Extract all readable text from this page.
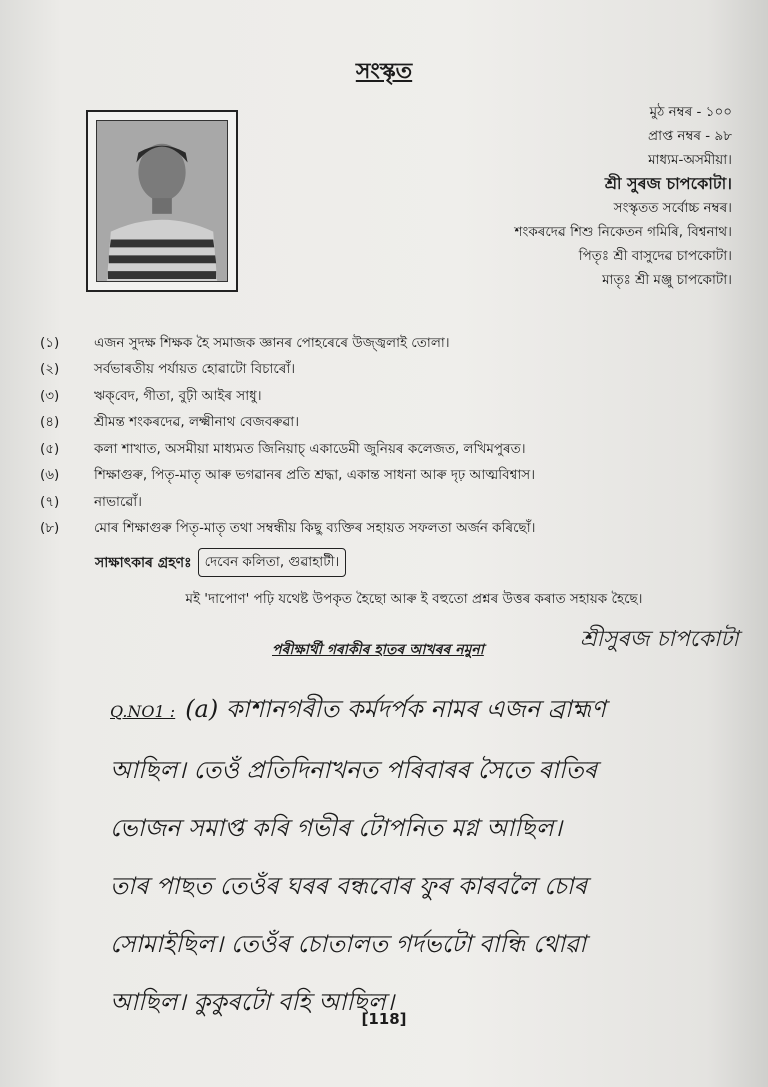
সংস্কৃত
মুঠ নম্বৰ - ১০০
প্ৰাপ্ত নম্বৰ - ৯৮
মাধ্যম-অসমীয়া।
শ্ৰী সুৰজ চাপকোটা।
সংস্কৃতত সৰ্বোচ্চ নম্বৰ।
শংকৰদেৱ শিশু নিকেতন গমিৰি, বিশ্বনাথ।
পিতৃঃ শ্ৰী বাসুদেৱ চাপকোটা।
মাতৃঃ শ্ৰী মঞ্জু চাপকোটা।
(১)	এজন সুদক্ষ শিক্ষক হৈ সমাজক জ্ঞানৰ পোহৰেৰে উজ্জ্বলাই তোলা।
(২)	সৰ্বভাৰতীয় পৰ্যায়ত হোৱাটো বিচাৰোঁ।
(৩)	ঋক্‌বেদ, গীতা, বুঢ়ী আইৰ সাধু।
(৪)	শ্ৰীমন্ত শংকৰদেৱ, লক্ষ্মীনাথ বেজবৰুৱা।
(৫)	কলা শাখাত, অসমীয়া মাধ্যমত জিনিয়াচ্ একাডেমী জুনিয়ৰ কলেজত, লখিমপুৰত।
(৬)	শিক্ষাগুৰু, পিতৃ-মাতৃ আৰু ভগৱানৰ প্ৰতি শ্ৰদ্ধা, একান্ত সাধনা আৰু দৃঢ় আত্মবিশ্বাস।
(৭)	নাভাৱোঁ।
(৮)	মোৰ শিক্ষাগুৰু পিতৃ-মাতৃ তথা সম্বন্ধীয় কিছু ব্যক্তিৰ সহায়ত সফলতা অৰ্জন কৰিছোঁ।
সাক্ষাৎকাৰ গ্ৰহণঃ দেবেন কলিতা, গুৱাহাটী।
মই 'দাপোণ' পঢ়ি যথেষ্ট উপকৃত হৈছো আৰু ই বহুতো প্ৰশ্নৰ উত্তৰ কৰাত সহায়ক হৈছে।
পৰীক্ষাৰ্থী গৰাকীৰ হাতৰ আখৰৰ নমুনা	শ্ৰীসুৰজ চাপকোটা
Q.NO1 : (a) কাশানগৰীত কৰ্মদৰ্পক নামৰ এজন ব্ৰাহ্মণ
আছিল। তেওঁ প্ৰতিদিনাখনত পৰিবাৰৰ সৈতে ৰাতিৰ
ভোজন সমাপ্ত কৰি গভীৰ টোপনিত মগ্ন আছিল।
তাৰ পাছত তেওঁৰ ঘৰৰ বন্ধবোৰ ফুৰ কাৰবলৈ চোৰ
সোমাইছিল। তেওঁৰ চোতালত গৰ্দভটো বান্ধি থোৱা
আছিল। কুকুৰটো বহি আছিল।
[118]
